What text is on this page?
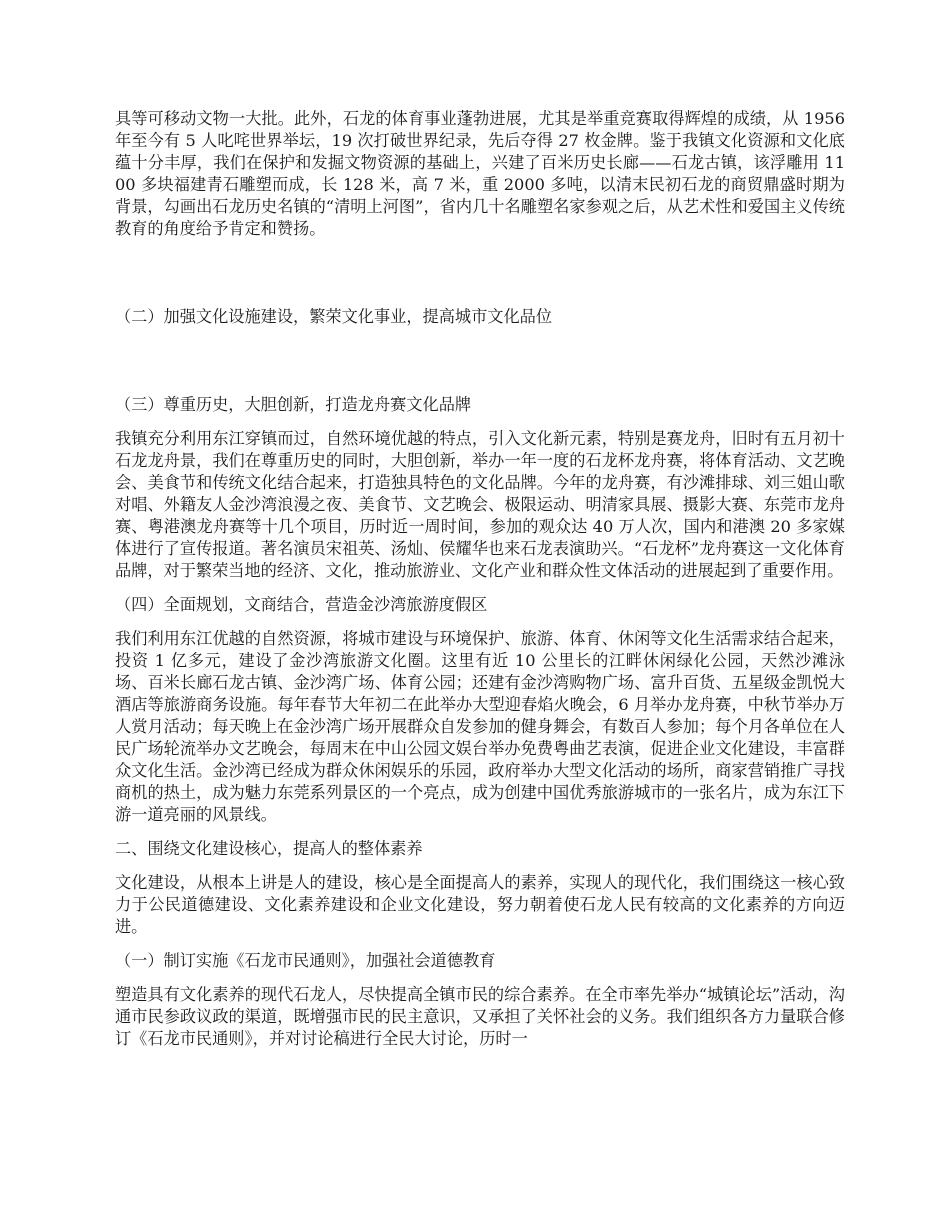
具等可移动文物一大批。此外，石龙的体育事业蓬勃进展，尤其是举重竞赛取得辉煌的成绩，从 1956 年至今有 5 人叱咤世界举坛，19 次打破世界纪录，先后夺得 27 枚金牌。鉴于我镇文化资源和文化底蕴十分丰厚，我们在保护和发掘文物资源的基础上，兴建了百米历史长廊——石龙古镇，该浮雕用 1100 多块福建青石雕塑而成，长 128 米，高 7 米，重 2000 多吨，以清末民初石龙的商贸鼎盛时期为背景，勾画出石龙历史名镇的“清明上河图”，省内几十名雕塑名家参观之后，从艺术性和爱国主义传统教育的角度给予肯定和赞扬。

（二）加强文化设施建设，繁荣文化事业，提高城市文化品位

（三）尊重历史，大胆创新，打造龙舟赛文化品牌

我镇充分利用东江穿镇而过，自然环境优越的特点，引入文化新元素，特别是赛龙舟，旧时有五月初十石龙龙舟景，我们在尊重历史的同时，大胆创新，举办一年一度的石龙杯龙舟赛，将体育活动、文艺晚会、美食节和传统文化结合起来，打造独具特色的文化品牌。今年的龙舟赛，有沙滩排球、刘三姐山歌对唱、外籍友人金沙湾浪漫之夜、美食节、文艺晚会、极限运动、明清家具展、摄影大赛、东莞市龙舟赛、粤港澳龙舟赛等十几个项目，历时近一周时间，参加的观众达 40 万人次，国内和港澳 20 多家媒体进行了宣传报道。著名演员宋祖英、汤灿、侯耀华也来石龙表演助兴。“石龙杯”龙舟赛这一文化体育品牌，对于繁荣当地的经济、文化，推动旅游业、文化产业和群众性文体活动的进展起到了重要作用。

（四）全面规划，文商结合，营造金沙湾旅游度假区

我们利用东江优越的自然资源，将城市建设与环境保护、旅游、体育、休闲等文化生活需求结合起来，投资 1 亿多元，建设了金沙湾旅游文化圈。这里有近 10 公里长的江畔休闲绿化公园，天然沙滩泳场、百米长廊石龙古镇、金沙湾广场、体育公园；还建有金沙湾购物广场、富升百货、五星级金凯悦大酒店等旅游商务设施。每年春节大年初二在此举办大型迎春焰火晚会，6 月举办龙舟赛，中秋节举办万人赏月活动；每天晚上在金沙湾广场开展群众自发参加的健身舞会，有数百人参加；每个月各单位在人民广场轮流举办文艺晚会，每周末在中山公园文娱台举办免费粤曲艺表演，促进企业文化建设，丰富群众文化生活。金沙湾已经成为群众休闲娱乐的乐园，政府举办大型文化活动的场所，商家营销推广寻找商机的热土，成为魅力东莞系列景区的一个亮点，成为创建中国优秀旅游城市的一张名片，成为东江下游一道亮丽的风景线。

二、围绕文化建设核心，提高人的整体素养

文化建设，从根本上讲是人的建设，核心是全面提高人的素养，实现人的现代化，我们围绕这一核心致力于公民道德建设、文化素养建设和企业文化建设，努力朝着使石龙人民有较高的文化素养的方向迈进。

（一）制订实施《石龙市民通则》，加强社会道德教育

塑造具有文化素养的现代石龙人，尽快提高全镇市民的综合素养。在全市率先举办“城镇论坛”活动，沟通市民参政议政的渠道，既增强市民的民主意识，又承担了关怀社会的义务。我们组织各方力量联合修订《石龙市民通则》，并对讨论稿进行全民大讨论，历时一
